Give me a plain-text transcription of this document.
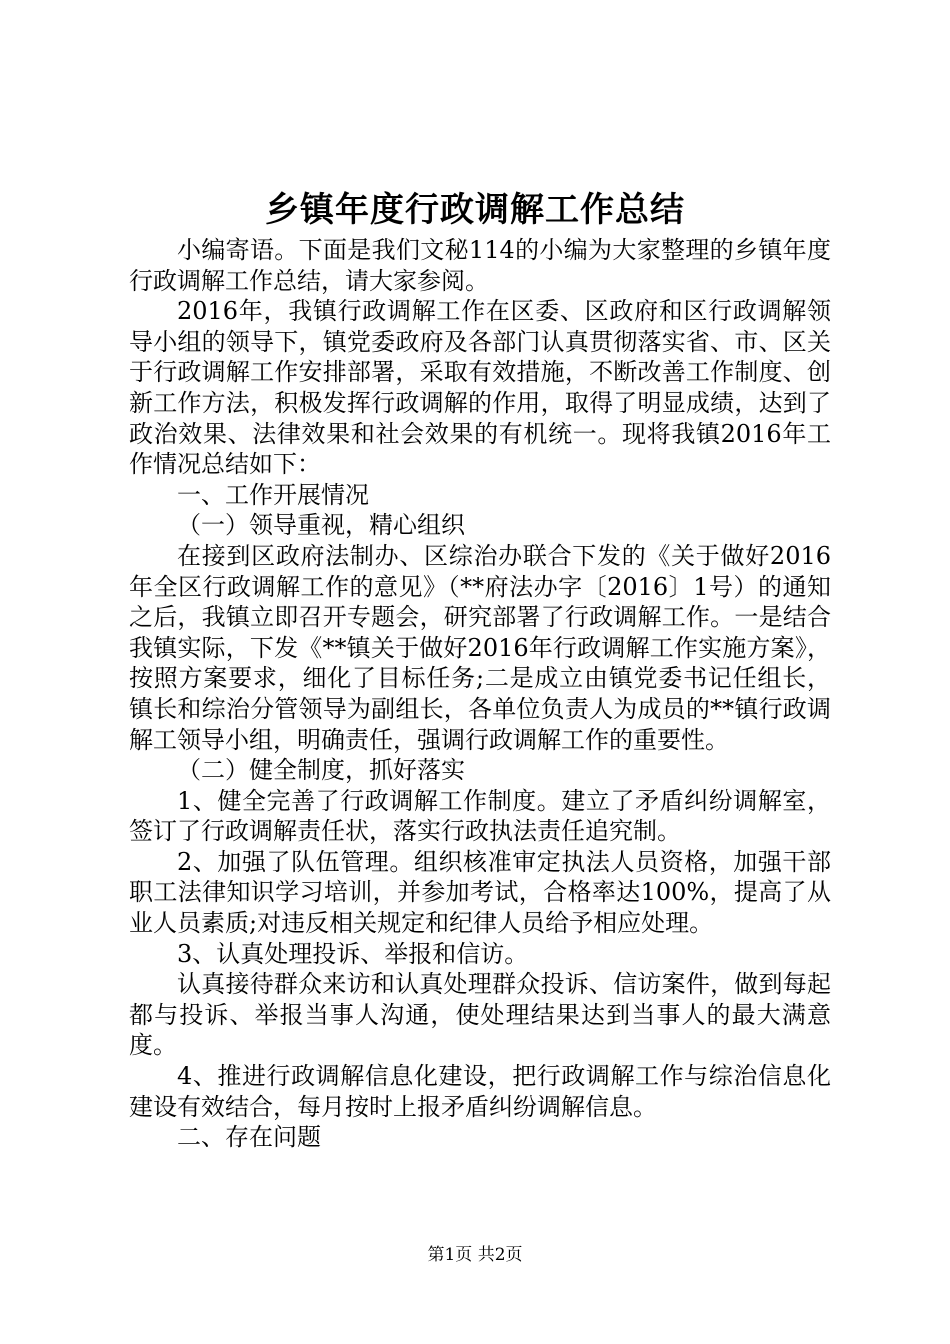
乡镇年度行政调解工作总结

小编寄语。下面是我们文秘114的小编为大家整理的乡镇年度行政调解工作总结，请大家参阅。

2016年，我镇行政调解工作在区委、区政府和区行政调解领导小组的领导下，镇党委政府及各部门认真贯彻落实省、市、区关于行政调解工作安排部署，采取有效措施，不断改善工作制度、创新工作方法，积极发挥行政调解的作用，取得了明显成绩，达到了政治效果、法律效果和社会效果的有机统一。现将我镇2016年工作情况总结如下：

一、工作开展情况

（一）领导重视，精心组织

在接到区政府法制办、区综治办联合下发的《关于做好2016年全区行政调解工作的意见》（**府法办字〔2016〕1号）的通知之后，我镇立即召开专题会，研究部署了行政调解工作。一是结合我镇实际，下发《**镇关于做好2016年行政调解工作实施方案》，按照方案要求，细化了目标任务;二是成立由镇党委书记任组长，镇长和综治分管领导为副组长，各单位负责人为成员的**镇行政调解工领导小组，明确责任，强调行政调解工作的重要性。

（二）健全制度，抓好落实

1、健全完善了行政调解工作制度。建立了矛盾纠纷调解室，签订了行政调解责任状，落实行政执法责任追究制。

2、加强了队伍管理。组织核准审定执法人员资格，加强干部职工法律知识学习培训，并参加考试，合格率达100%，提高了从业人员素质;对违反相关规定和纪律人员给予相应处理。

3、认真处理投诉、举报和信访。

认真接待群众来访和认真处理群众投诉、信访案件，做到每起都与投诉、举报当事人沟通，使处理结果达到当事人的最大满意度。

4、推进行政调解信息化建设，把行政调解工作与综治信息化建设有效结合，每月按时上报矛盾纠纷调解信息。

二、存在问题

第1页 共2页
